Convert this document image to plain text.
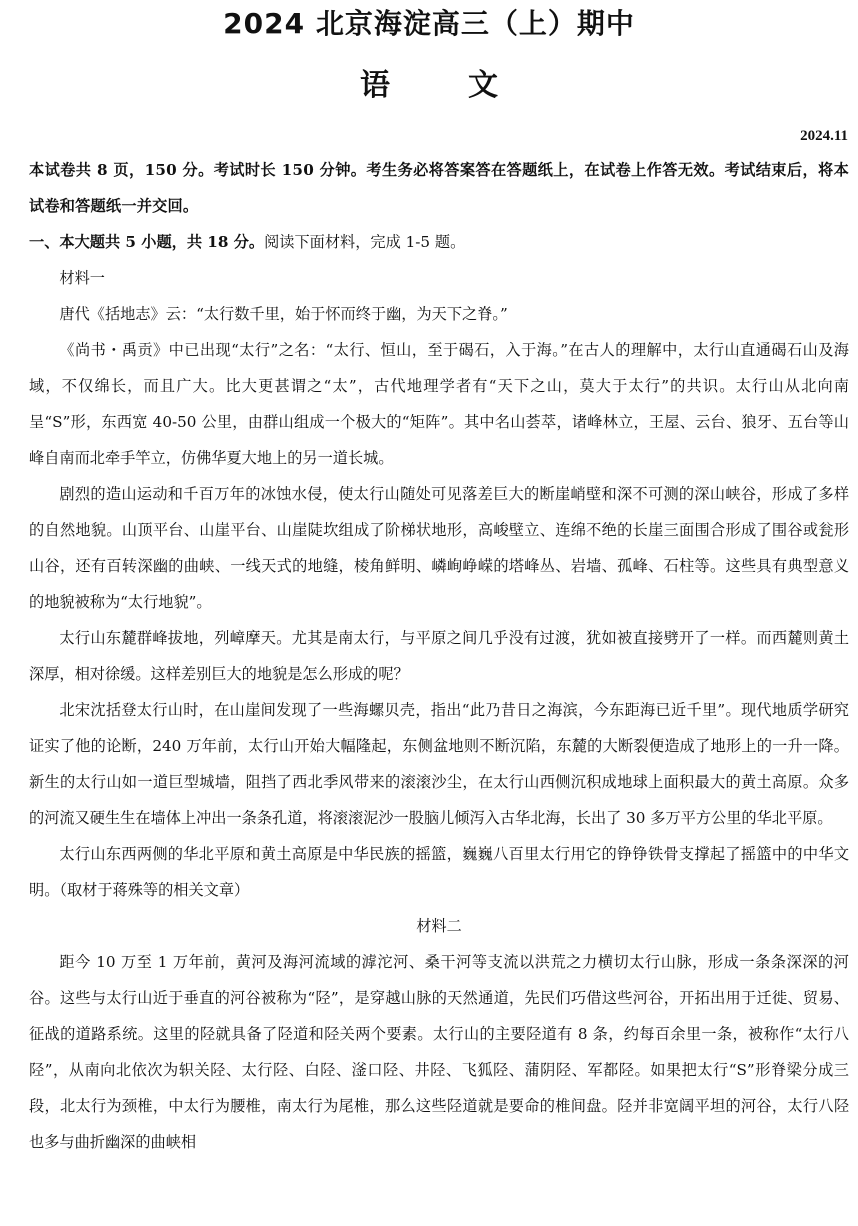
2024 北京海淀高三（上）期中
语文
2024.11

本试卷共 8 页，150 分。考试时长 150 分钟。考生务必将答案答在答题纸上，在试卷上作答无效。考试结束后，将本试卷和答题纸一并交回。

一、本大题共 5 小题，共 18 分。阅读下面材料，完成 1-5 题。

材料一

唐代《括地志》云：“太行数千里，始于怀而终于幽，为天下之脊。”

《尚书・禹贡》中已出现“太行”之名：“太行、恒山，至于碣石，入于海。”在古人的理解中，太行山直通碣石山及海域，不仅绵长，而且广大。比大更甚谓之“太”，古代地理学者有“天下之山，莫大于太行”的共识。太行山从北向南呈“S”形，东西宽 40-50 公里，由群山组成一个极大的“矩阵”。其中名山荟萃，诸峰林立，王屋、云台、狼牙、五台等山峰自南而北牵手竿立，仿佛华夏大地上的另一道长城。

剧烈的造山运动和千百万年的冰蚀水侵，使太行山随处可见落差巨大的断崖峭壁和深不可测的深山峡谷，形成了多样的自然地貌。山顶平台、山崖平台、山崖陡坎组成了阶梯状地形，高峻壁立、连绵不绝的长崖三面围合形成了围谷或瓮形山谷，还有百转深幽的曲峡、一线天式的地缝，棱角鲜明、嶙峋峥嵘的塔峰丛、岩墙、孤峰、石柱等。这些具有典型意义的地貌被称为“太行地貌”。

太行山东麓群峰拔地，列嶂摩天。尤其是南太行，与平原之间几乎没有过渡，犹如被直接劈开了一样。而西麓则黄土深厚，相对徐缓。这样差别巨大的地貌是怎么形成的呢？

北宋沈括登太行山时，在山崖间发现了一些海螺贝壳，指出“此乃昔日之海滨，今东距海已近千里”。现代地质学研究证实了他的论断，240 万年前，太行山开始大幅隆起，东侧盆地则不断沉陷，东麓的大断裂便造成了地形上的一升一降。新生的太行山如一道巨型城墙，阻挡了西北季风带来的滚滚沙尘，在太行山西侧沉积成地球上面积最大的黄土高原。众多的河流又硬生生在墙体上冲出一条条孔道，将滚滚泥沙一股脑儿倾泻入古华北海，长出了 30 多万平方公里的华北平原。

太行山东西两侧的华北平原和黄土高原是中华民族的摇篮，巍巍八百里太行用它的铮铮铁骨支撑起了摇篮中的中华文明。（取材于蒋殊等的相关文章）

材料二

距今 10 万至 1 万年前，黄河及海河流域的滹沱河、桑干河等支流以洪荒之力横切太行山脉，形成一条条深深的河谷。这些与太行山近于垂直的河谷被称为“陉”，是穿越山脉的天然通道，先民们巧借这些河谷，开拓出用于迁徙、贸易、征战的道路系统。这里的陉就具备了陉道和陉关两个要素。太行山的主要陉道有 8 条，约每百余里一条，被称作“太行八陉”，从南向北依次为轵关陉、太行陉、白陉、滏口陉、井陉、飞狐陉、蒲阴陉、军都陉。如果把太行“S”形脊梁分成三段，北太行为颈椎，中太行为腰椎，南太行为尾椎，那么这些陉道就是要命的椎间盘。陉并非宽阔平坦的河谷，太行八陉也多与曲折幽深的曲峡相
